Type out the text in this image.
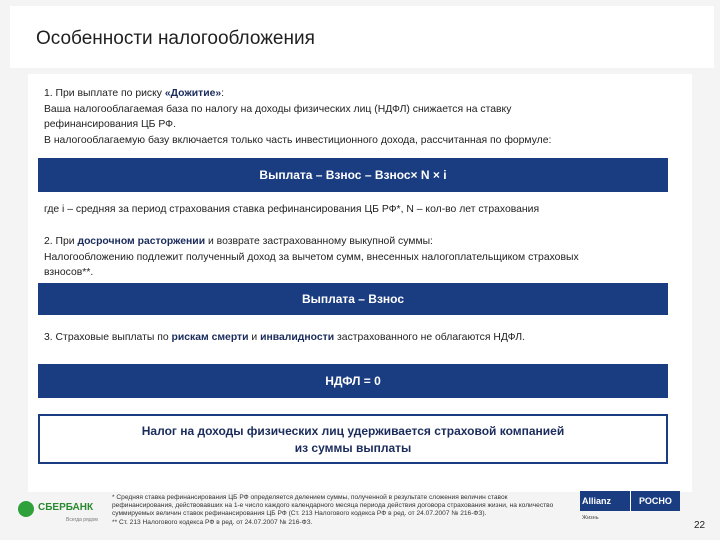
Особенности налогообложения
1. При выплате по риску «Дожитие»:
Ваша налогооблагаемая база по налогу на доходы физических лиц (НДФЛ) снижается на ставку
рефинансирования ЦБ РФ.
В налогооблагаемую базу включается только часть инвестиционного дохода, рассчитанная по формуле:
Выплата – Взнос – Взнос× N × i
где i – средняя за период страхования ставка рефинансирования ЦБ РФ*, N – кол-во лет страхования
2. При досрочном расторжении и возврате застрахованному выкупной суммы:
Налогообложению подлежит полученный доход за вычетом сумм, внесенных налогоплательщиком страховых
взносов**.
Выплата – Взнос
3. Страховые выплаты по рискам смерти и инвалидности застрахованного не облагаются НДФЛ.
НДФЛ = 0
Налог на доходы физических лиц удерживается страховой компанией
из суммы выплаты
СБЕРБАНК
Всегда рядом
* Средняя ставка рефинансирования ЦБ РФ определяется делением суммы, полученной в результате сложения величин ставок рефинансирования, действовавших на 1-е число каждого календарного месяца периода действия договора страхования жизни, на количество суммируемых величин ставок рефинансирования ЦБ РФ (Ст. 213 Налогового кодекса РФ в ред. от 24.07.2007 № 216-ФЗ).
** Ст. 213 Налогового кодекса РФ в ред. от 24.07.2007 № 216-ФЗ.
Allianz	РОСНО
Жизнь
22
